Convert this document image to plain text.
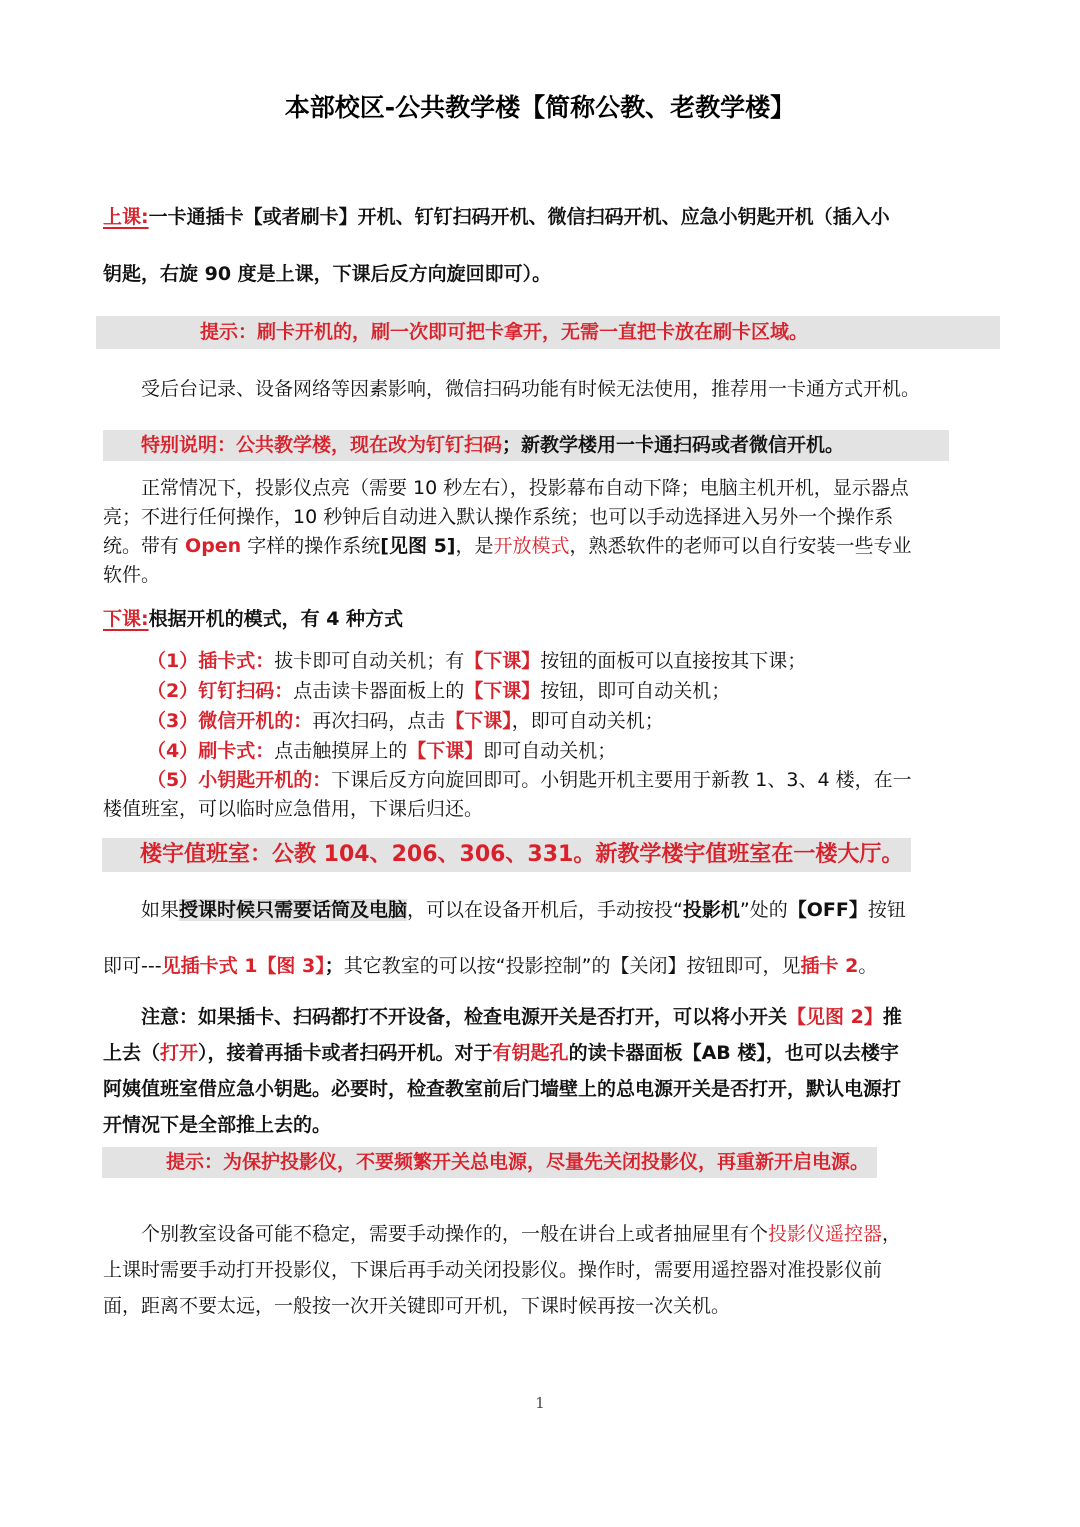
本部校区-公共教学楼【简称公教、老教学楼】
上课:一卡通插卡【或者刷卡】开机、钉钉扫码开机、微信扫码开机、应急小钥匙开机（插入小
钥匙，右旋 90 度是上课，下课后反方向旋回即可）。
提示：刷卡开机的，刷一次即可把卡拿开，无需一直把卡放在刷卡区域。
受后台记录、设备网络等因素影响，微信扫码功能有时候无法使用，推荐用一卡通方式开机。
特别说明：公共教学楼，现在改为钉钉扫码；新教学楼用一卡通扫码或者微信开机。
正常情况下，投影仪点亮（需要 10 秒左右），投影幕布自动下降；电脑主机开机，显示器点
亮；不进行任何操作，10 秒钟后自动进入默认操作系统；也可以手动选择进入另外一个操作系
统。带有 Open 字样的操作系统[见图 5]，是开放模式，熟悉软件的老师可以自行安装一些专业
软件。
下课:根据开机的模式，有 4 种方式
（1）插卡式：拔卡即可自动关机；有【下课】按钮的面板可以直接按其下课；
（2）钉钉扫码：点击读卡器面板上的【下课】按钮，即可自动关机；
（3）微信开机的：再次扫码，点击【下课】，即可自动关机；
（4）刷卡式：点击触摸屏上的【下课】即可自动关机；
（5）小钥匙开机的：下课后反方向旋回即可。小钥匙开机主要用于新教 1、3、4 楼，在一
楼值班室，可以临时应急借用，下课后归还。
楼宇值班室：公教 104、206、306、331。新教学楼宇值班室在一楼大厅。
如果授课时候只需要话筒及电脑，可以在设备开机后，手动按投“投影机”处的【OFF】按钮
即可---见插卡式 1【图 3】；其它教室的可以按“投影控制”的【关闭】按钮即可，见插卡 2。
注意：如果插卡、扫码都打不开设备，检查电源开关是否打开，可以将小开关【见图 2】推
上去（打开），接着再插卡或者扫码开机。对于有钥匙孔的读卡器面板【AB 楼】，也可以去楼宇
阿姨值班室借应急小钥匙。必要时，检查教室前后门墙壁上的总电源开关是否打开，默认电源打
开情况下是全部推上去的。
提示：为保护投影仪，不要频繁开关总电源，尽量先关闭投影仪，再重新开启电源。
个别教室设备可能不稳定，需要手动操作的，一般在讲台上或者抽屉里有个投影仪遥控器，
上课时需要手动打开投影仪，下课后再手动关闭投影仪。操作时，需要用遥控器对准投影仪前
面，距离不要太远，一般按一次开关键即可开机，下课时候再按一次关机。
1
